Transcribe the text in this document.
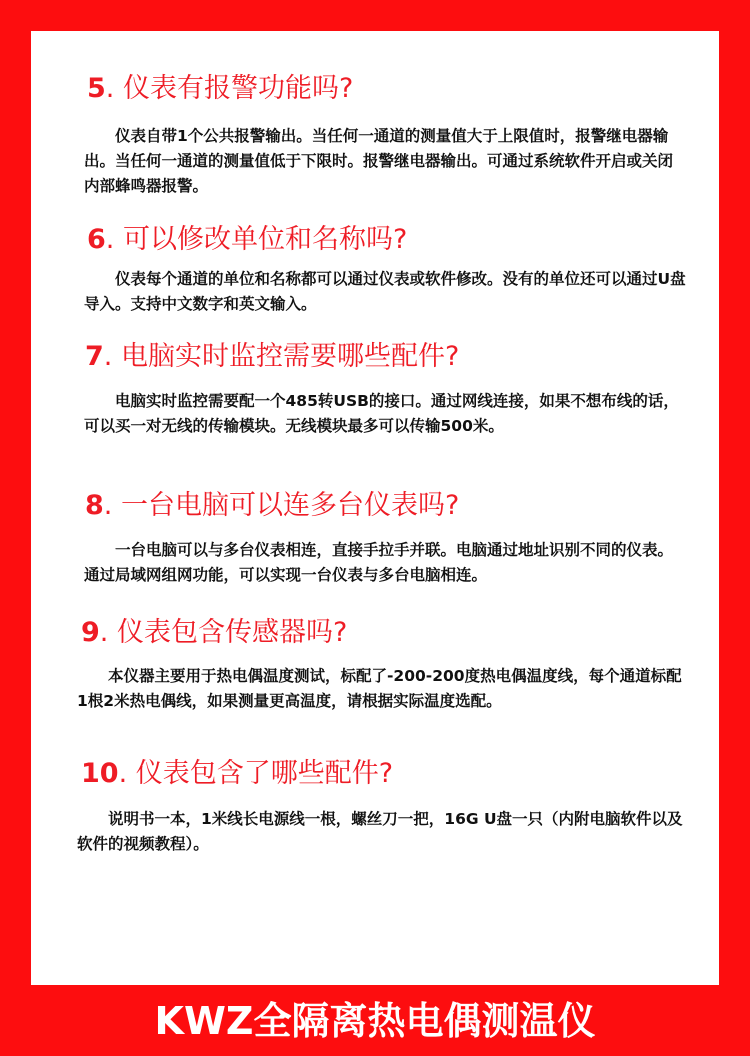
5. 仪表有报警功能吗?

仪表自带1个公共报警输出。当任何一通道的测量值大于上限值时，报警继电器输出。当任何一通道的测量值低于下限时。报警继电器输出。可通过系统软件开启或关闭内部蜂鸣器报警。

6. 可以修改单位和名称吗?

仪表每个通道的单位和名称都可以通过仪表或软件修改。没有的单位还可以通过U盘导入。支持中文数字和英文输入。

7. 电脑实时监控需要哪些配件?

电脑实时监控需要配一个485转USB的接口。通过网线连接，如果不想布线的话，可以买一对无线的传输模块。无线模块最多可以传输500米。

8. 一台电脑可以连多台仪表吗?

一台电脑可以与多台仪表相连，直接手拉手并联。电脑通过地址识别不同的仪表。通过局域网组网功能，可以实现一台仪表与多台电脑相连。

9. 仪表包含传感器吗?

本仪器主要用于热电偶温度测试，标配了-200-200度热电偶温度线，每个通道标配1根2米热电偶线，如果测量更高温度，请根据实际温度选配。

10. 仪表包含了哪些配件?

说明书一本，1米线长电源线一根，螺丝刀一把，16G U盘一只（内附电脑软件以及软件的视频教程）。

KWZ全隔离热电偶测温仪
